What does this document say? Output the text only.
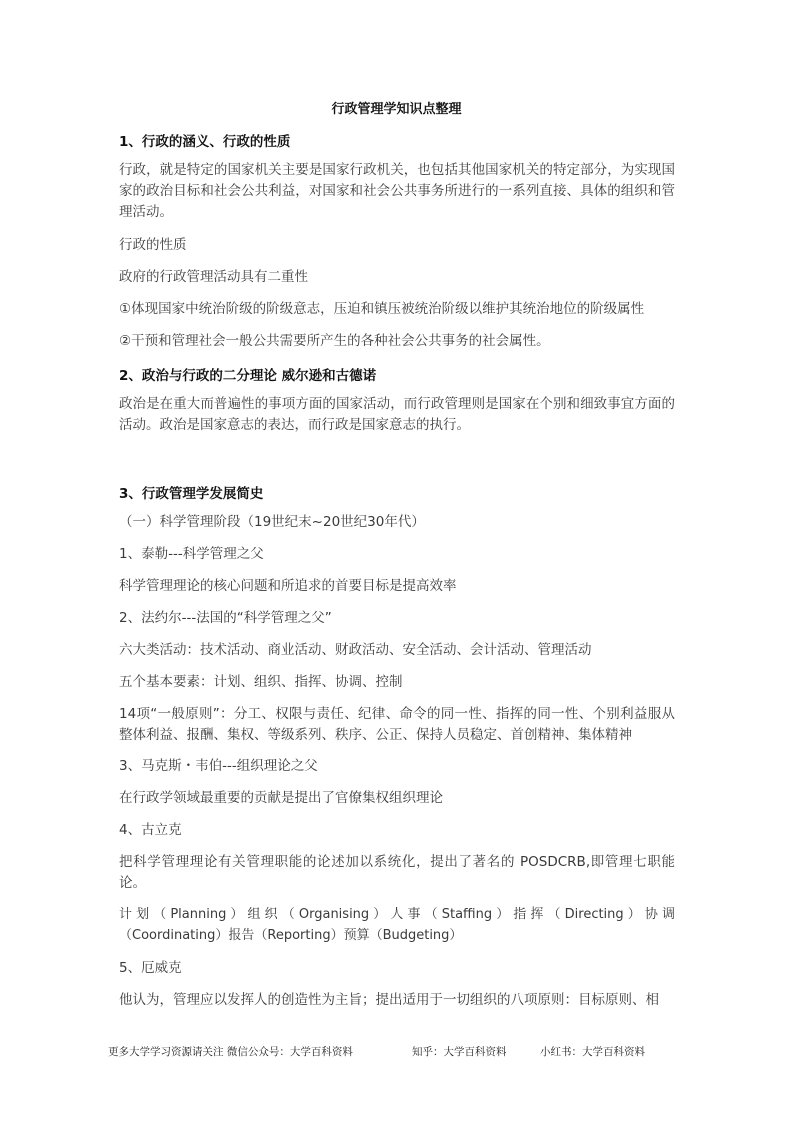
行政管理学知识点整理
1、行政的涵义、行政的性质
行政，就是特定的国家机关主要是国家行政机关，也包括其他国家机关的特定部分，为实现国家的政治目标和社会公共利益，对国家和社会公共事务所进行的一系列直接、具体的组织和管理活动。
行政的性质
政府的行政管理活动具有二重性
①体现国家中统治阶级的阶级意志，压迫和镇压被统治阶级以维护其统治地位的阶级属性
②干预和管理社会一般公共需要所产生的各种社会公共事务的社会属性。
2、政治与行政的二分理论 威尔逊和古德诺
政治是在重大而普遍性的事项方面的国家活动，而行政管理则是国家在个别和细致事宜方面的活动。政治是国家意志的表达，而行政是国家意志的执行。
3、行政管理学发展简史
（一）科学管理阶段（19世纪末~20世纪30年代）
1、泰勒---科学管理之父
科学管理理论的核心问题和所追求的首要目标是提高效率
2、法约尔---法国的“科学管理之父”
六大类活动：技术活动、商业活动、财政活动、安全活动、会计活动、管理活动
五个基本要素：计划、组织、指挥、协调、控制
14项“一般原则”：分工、权限与责任、纪律、命令的同一性、指挥的同一性、个别利益服从整体利益、报酬、集权、等级系列、秩序、公正、保持人员稳定、首创精神、集体精神
3、马克斯・韦伯---组织理论之父
在行政学领域最重要的贡献是提出了官僚集权组织理论
4、古立克
把科学管理理论有关管理职能的论述加以系统化，提出了著名的 POSDCRB,即管理七职能论。
计划（Planning）组织（Organising）人事（Staffing）指挥（Directing）协调（Coordinating）报告（Reporting）预算（Budgeting）
5、厄威克
他认为，管理应以发挥人的创造性为主旨；提出适用于一切组织的八项原则：目标原则、相
更多大学学习资源请关注 微信公众号：大学百科资料	知乎：大学百科资料	小红书：大学百科资料
